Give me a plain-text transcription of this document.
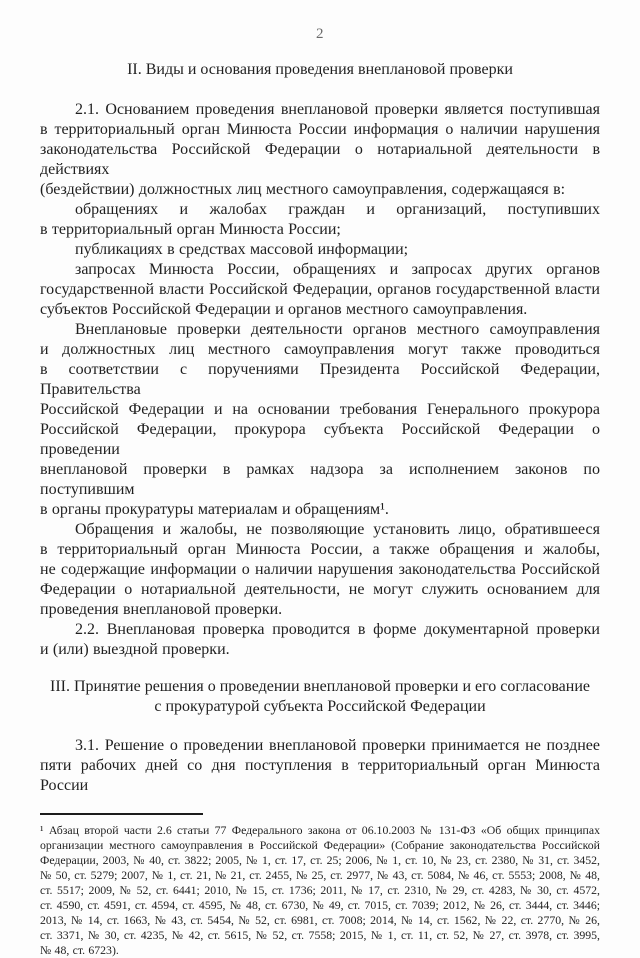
2
II. Виды и основания проведения внеплановой проверки
2.1. Основанием проведения внеплановой проверки является поступившая
в территориальный орган Минюста России информация о наличии нарушения
законодательства Российской Федерации о нотариальной деятельности в действиях
(бездействии) должностных лиц местного самоуправления, содержащаяся в:
обращениях и жалобах граждан и организаций, поступивших
в территориальный орган Минюста России;
публикациях в средствах массовой информации;
запросах Минюста России, обращениях и запросах других органов
государственной власти Российской Федерации, органов государственной власти
субъектов Российской Федерации и органов местного самоуправления.
Внеплановые проверки деятельности органов местного самоуправления
и должностных лиц местного самоуправления могут также проводиться
в соответствии с поручениями Президента Российской Федерации, Правительства
Российской Федерации и на основании требования Генерального прокурора
Российской Федерации, прокурора субъекта Российской Федерации о проведении
внеплановой проверки в рамках надзора за исполнением законов по поступившим
в органы прокуратуры материалам и обращениям¹.
Обращения и жалобы, не позволяющие установить лицо, обратившееся
в территориальный орган Минюста России, а также обращения и жалобы,
не содержащие информации о наличии нарушения законодательства Российской
Федерации о нотариальной деятельности, не могут служить основанием для
проведения внеплановой проверки.
2.2. Внеплановая проверка проводится в форме документарной проверки
и (или) выездной проверки.
III. Принятие решения о проведении внеплановой проверки и его согласование
с прокуратурой субъекта Российской Федерации
3.1. Решение о проведении внеплановой проверки принимается не позднее
пяти рабочих дней со дня поступления в территориальный орган Минюста России
¹ Абзац второй части 2.6 статьи 77 Федерального закона от 06.10.2003 № 131-ФЗ «Об общих принципах
организации местного самоуправления в Российской Федерации» (Собрание законодательства Российской
Федерации, 2003, № 40, ст. 3822; 2005, № 1, ст. 17, ст. 25; 2006, № 1, ст. 10, № 23, ст. 2380, № 31, ст. 3452,
№ 50, ст. 5279; 2007, № 1, ст. 21, № 21, ст. 2455, № 25, ст. 2977, № 43, ст. 5084, № 46, ст. 5553; 2008, № 48,
ст. 5517; 2009, № 52, ст. 6441; 2010, № 15, ст. 1736; 2011, № 17, ст. 2310, № 29, ст. 4283, № 30, ст. 4572,
ст. 4590, ст. 4591, ст. 4594, ст. 4595, № 48, ст. 6730, № 49, ст. 7015, ст. 7039; 2012, № 26, ст. 3444, ст. 3446;
2013, № 14, ст. 1663, № 43, ст. 5454, № 52, ст. 6981, ст. 7008; 2014, № 14, ст. 1562, № 22, ст. 2770, № 26,
ст. 3371, № 30, ст. 4235, № 42, ст. 5615, № 52, ст. 7558; 2015, № 1, ст. 11, ст. 52, № 27, ст. 3978, ст. 3995,
№ 48, ст. 6723).
